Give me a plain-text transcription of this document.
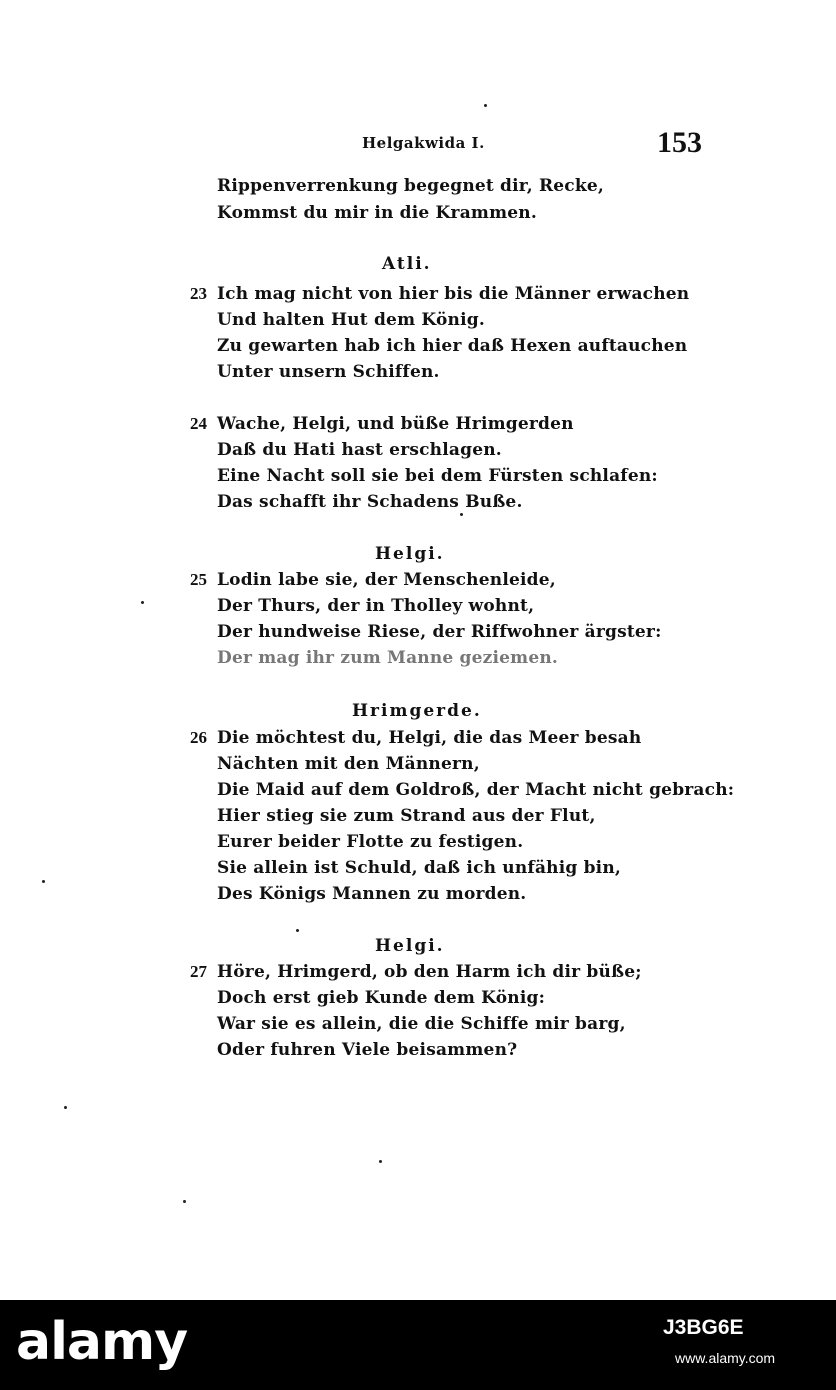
Helgakwida I.	153
Rippenverrenkung begegnet dir, Recke,
Kommst du mir in die Krammen.
Atli.
23 Ich mag nicht von hier bis die Männer erwachen
Und halten Hut dem König.
Zu gewarten hab ich hier daß Hexen auftauchen
Unter unsern Schiffen.
24 Wache, Helgi, und büße Hrimgerden
Daß du Hati hast erschlagen.
Eine Nacht soll sie bei dem Fürsten schlafen:
Das schafft ihr Schadens Buße.
Helgi.
25 Lodin labe sie, der Menschenleide,
Der Thurs, der in Tholley wohnt,
Der hundweise Riese, der Riffwohner ärgster:
Der mag ihr zum Manne geziemen.
Hrimgerde.
26 Die möchtest du, Helgi, die das Meer besah
Nächten mit den Männern,
Die Maid auf dem Goldroß, der Macht nicht gebrach:
Hier stieg sie zum Strand aus der Flut,
Eurer beider Flotte zu festigen.
Sie allein ist Schuld, daß ich unfähig bin,
Des Königs Mannen zu morden.
Helgi.
27 Höre, Hrimgerd, ob den Harm ich dir büße;
Doch erst gieb Kunde dem König:
War sie es allein, die die Schiffe mir barg,
Oder fuhren Viele beisammen?
alamy	J3BG6E
www.alamy.com
